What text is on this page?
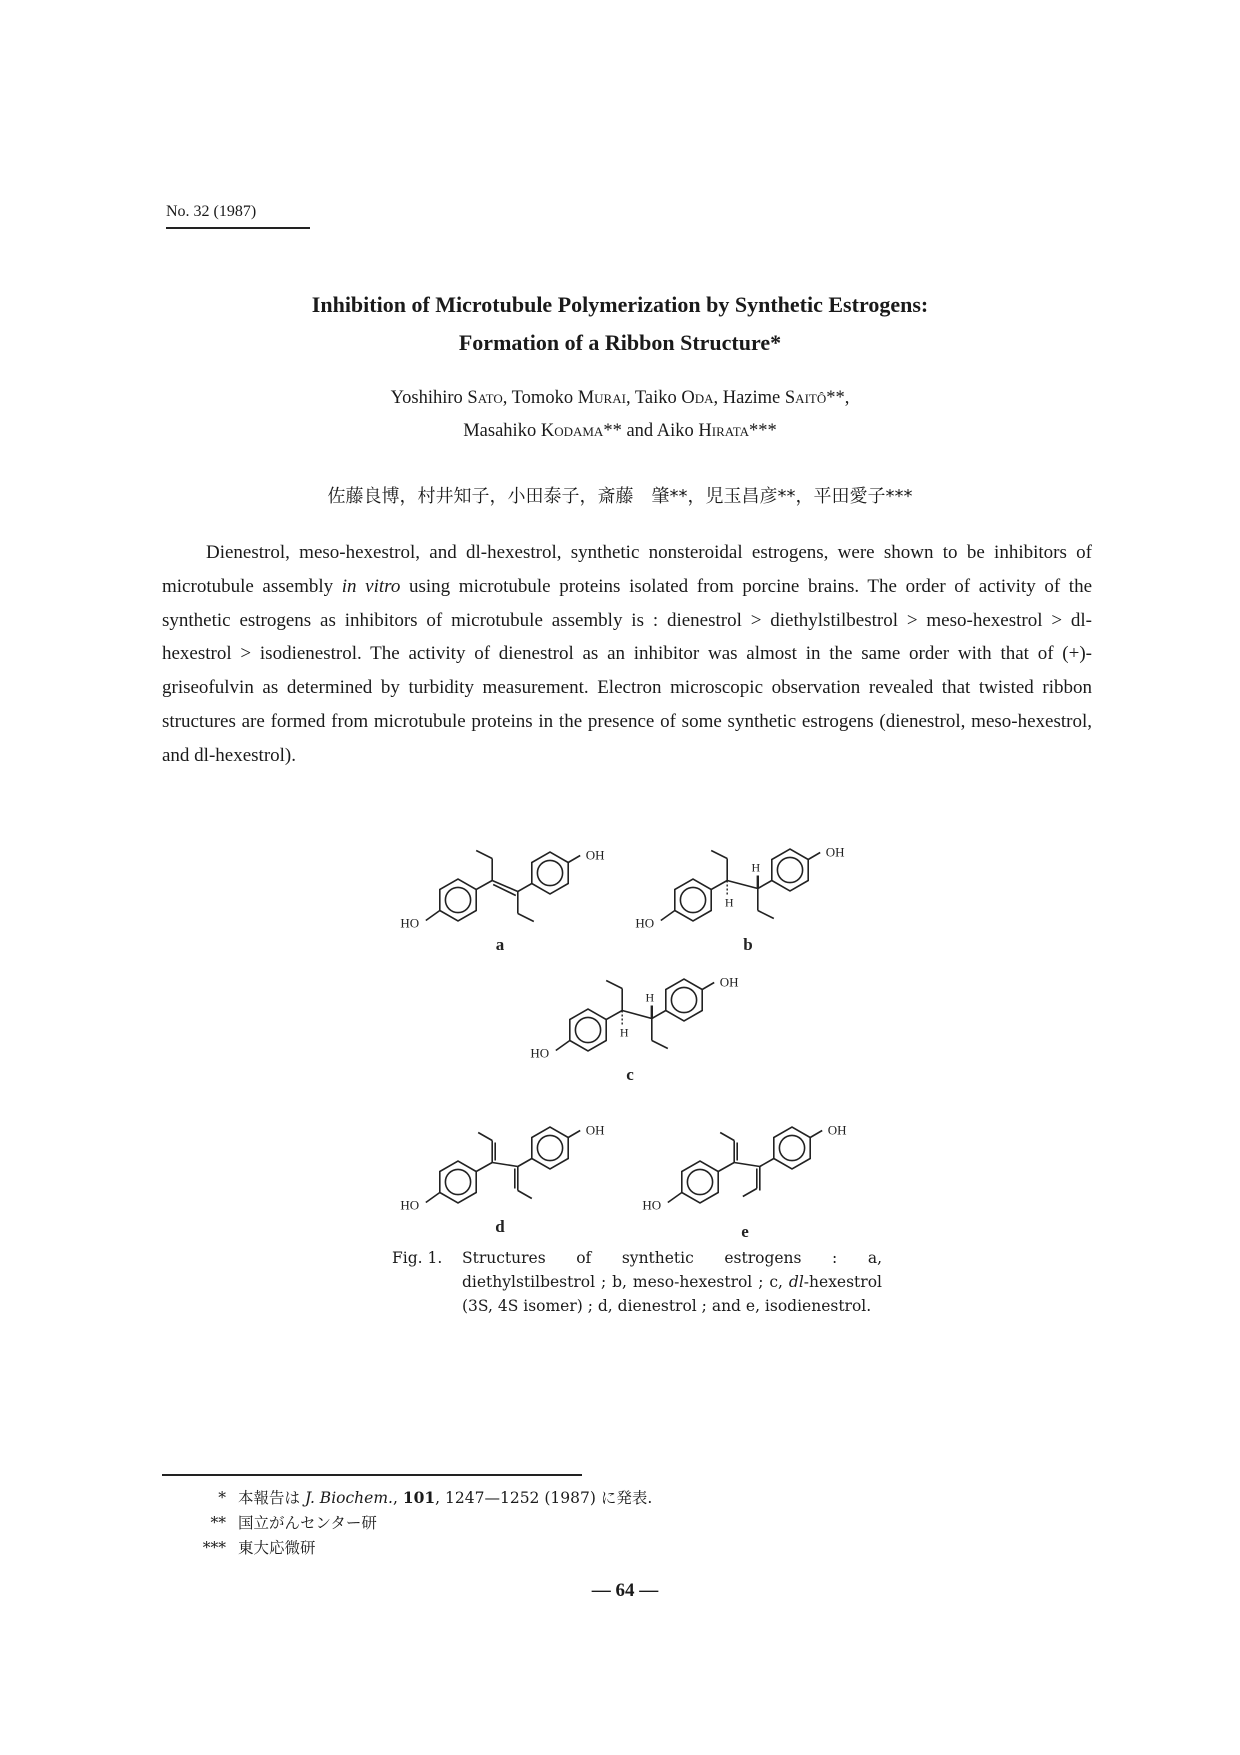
No. 32 (1987)
Inhibition of Microtubule Polymerization by Synthetic Estrogens:
Formation of a Ribbon Structure*
Yoshihiro Sato, Tomoko Murai, Taiko Oda, Hazime Saitô**,
Masahiko Kodama** and Aiko Hirata***
佐藤良博，村井知子，小田泰子，斎藤　肇**，児玉昌彦**，平田愛子***

Dienestrol, meso-hexestrol, and dl-hexestrol, synthetic nonsteroidal estrogens, were shown to be inhibitors of microtubule assembly in vitro using microtubule proteins isolated from porcine brains. The order of activity of the synthetic estrogens as inhibitors of microtubule assembly is : dienestrol > diethylstilbestrol > meso-hexestrol > dl-hexestrol > isodienestrol. The activity of dienestrol as an inhibitor was almost in the same order with that of (+)-griseofulvin as determined by turbidity measurement. Electron microscopic observation revealed that twisted ribbon structures are formed from microtubule proteins in the presence of some synthetic estrogens (dienestrol, meso-hexestrol, and dl-hexestrol).

HO
OH
a
HO
OH
H
H
b
HO
OH
H
H
c
HO
OH
d
HO
OH
e
Fig. 1. Structures of synthetic estrogens : a, diethylstilbestrol ; b, meso-hexestrol ; c, dl-hexestrol (3S, 4S isomer) ; d, dienestrol ; and e, isodienestrol.
* 本報告は J. Biochem., 101, 1247—1252 (1987) に発表.
** 国立がんセンター研
*** 東大応微研
— 64 —
